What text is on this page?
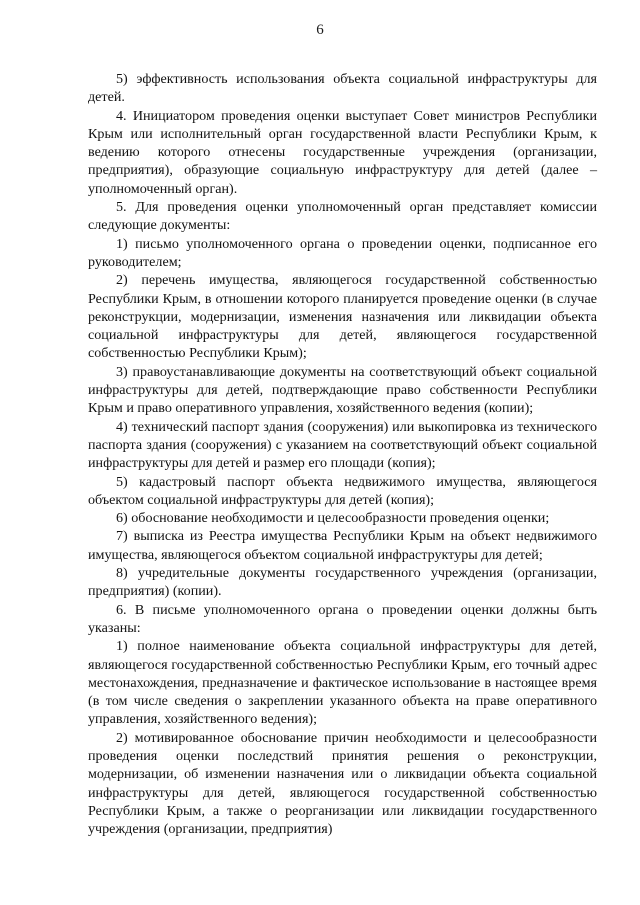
6

5) эффективность использования объекта социальной инфраструктуры для детей.

4. Инициатором проведения оценки выступает Совет министров Республики Крым или исполнительный орган государственной власти Республики Крым, к ведению которого отнесены государственные учреждения (организации, предприятия), образующие социальную инфраструктуру для детей (далее – уполномоченный орган).

5. Для проведения оценки уполномоченный орган представляет комиссии следующие документы:

1) письмо уполномоченного органа о проведении оценки, подписанное его руководителем;

2) перечень имущества, являющегося государственной собственностью Республики Крым, в отношении которого планируется проведение оценки (в случае реконструкции, модернизации, изменения назначения или ликвидации объекта социальной инфраструктуры для детей, являющегося государственной собственностью Республики Крым);

3) правоустанавливающие документы на соответствующий объект социальной инфраструктуры для детей, подтверждающие право собственности Республики Крым и право оперативного управления, хозяйственного ведения (копии);

4) технический паспорт здания (сооружения) или выкопировка из технического паспорта здания (сооружения) с указанием на соответствующий объект социальной инфраструктуры для детей и размер его площади (копия);

5) кадастровый паспорт объекта недвижимого имущества, являющегося объектом социальной инфраструктуры для детей (копия);

6) обоснование необходимости и целесообразности проведения оценки;

7) выписка из Реестра имущества Республики Крым на объект недвижимого имущества, являющегося объектом социальной инфраструктуры для детей;

8) учредительные документы государственного учреждения (организации, предприятия) (копии).

6. В письме уполномоченного органа о проведении оценки должны быть указаны:

1) полное наименование объекта социальной инфраструктуры для детей, являющегося государственной собственностью Республики Крым, его точный адрес местонахождения, предназначение и фактическое использование в настоящее время (в том числе сведения о закреплении указанного объекта на праве оперативного управления, хозяйственного ведения);

2) мотивированное обоснование причин необходимости и целесообразности проведения оценки последствий принятия решения о реконструкции, модернизации, об изменении назначения или о ликвидации объекта социальной инфраструктуры для детей, являющегося государственной собственностью Республики Крым, а также о реорганизации или ликвидации государственного учреждения (организации, предприятия)
